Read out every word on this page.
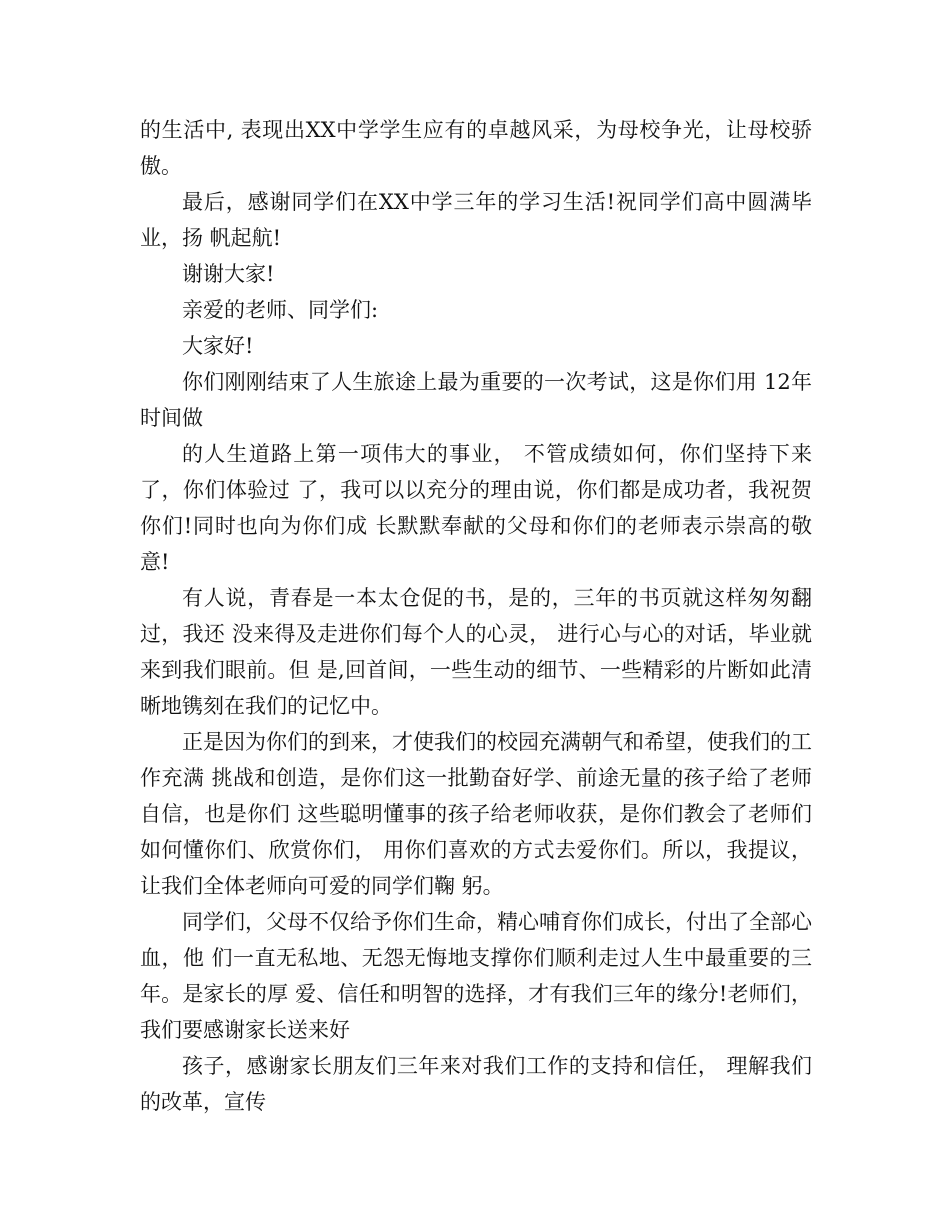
的生活中, 表现出XX中学学生应有的卓越风采，为母校争光，让母校骄傲。

最后，感谢同学们在XX中学三年的学习生活!祝同学们高中圆满毕业，扬 帆起航!

谢谢大家!

亲爱的老师、同学们:

大家好!

你们刚刚结束了人生旅途上最为重要的一次考试，这是你们用 12年时间做

的人生道路上第一项伟大的事业， 不管成绩如何，你们坚持下来了，你们体验过 了，我可以以充分的理由说，你们都是成功者，我祝贺你们!同时也向为你们成 长默默奉献的父母和你们的老师表示崇高的敬意!

有人说，青春是一本太仓促的书，是的，三年的书页就这样匆匆翻过，我还 没来得及走进你们每个人的心灵， 进行心与心的对话，毕业就来到我们眼前。但 是,回首间，一些生动的细节、一些精彩的片断如此清晰地镌刻在我们的记忆中。

正是因为你们的到来，才使我们的校园充满朝气和希望，使我们的工作充满 挑战和创造，是你们这一批勤奋好学、前途无量的孩子给了老师自信，也是你们 这些聪明懂事的孩子给老师收获，是你们教会了老师们如何懂你们、欣赏你们， 用你们喜欢的方式去爱你们。所以，我提议，让我们全体老师向可爱的同学们鞠 躬。

同学们，父母不仅给予你们生命，精心哺育你们成长，付出了全部心血，他 们一直无私地、无怨无悔地支撑你们顺利走过人生中最重要的三年。是家长的厚 爱、信任和明智的选择，才有我们三年的缘分!老师们，我们要感谢家长送来好

孩子，感谢家长朋友们三年来对我们工作的支持和信任， 理解我们的改革，宣传
